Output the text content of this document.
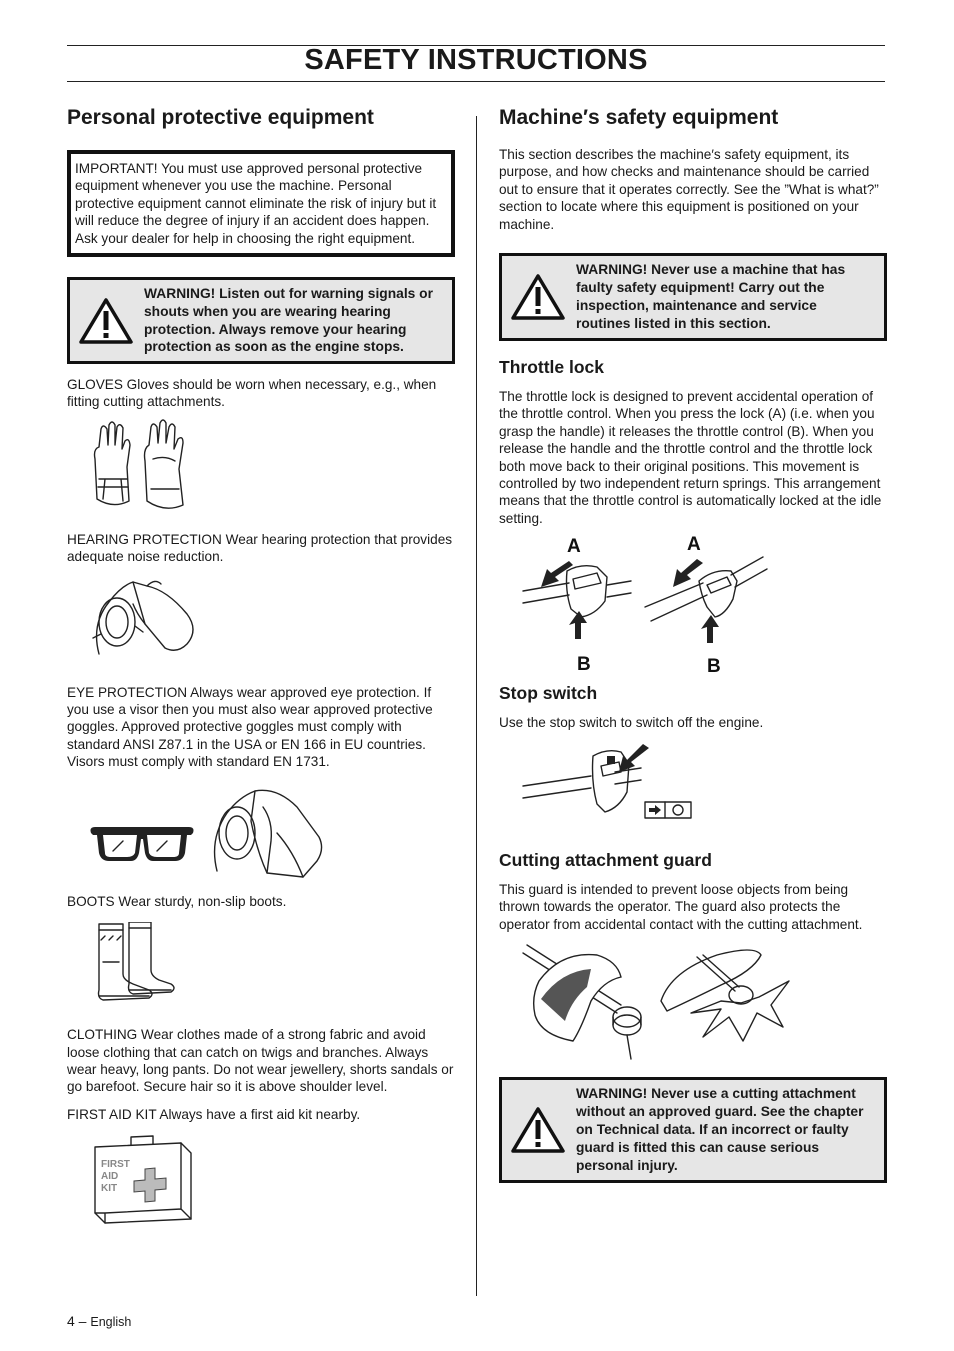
SAFETY INSTRUCTIONS
Personal protective equipment
IMPORTANT! You must use approved personal protective equipment whenever you use the machine. Personal protective equipment cannot eliminate the risk of injury but it will reduce the degree of injury if an accident does happen. Ask your dealer for help in choosing the right equipment.
WARNING! Listen out for warning signals or shouts when you are wearing hearing protection. Always remove your hearing protection as soon as the engine stops.

GLOVES Gloves should be worn when necessary, e.g., when fitting cutting attachments.

HEARING PROTECTION Wear hearing protection that provides adequate noise reduction.

EYE PROTECTION Always wear approved eye protection. If you use a visor then you must also wear approved protective goggles. Approved protective goggles must comply with standard ANSI Z87.1 in the USA or EN 166 in EU countries. Visors must comply with standard EN 1731.

BOOTS Wear sturdy, non-slip boots.

CLOTHING Wear clothes made of a strong fabric and avoid loose clothing that can catch on twigs and branches. Always wear heavy, long pants. Do not wear jewellery, shorts sandals or go barefoot. Secure hair so it is above shoulder level.

FIRST AID KIT Always have a first aid kit nearby.

FIRST
AID
KIT
Machine′s safety equipment

This section describes the machine′s safety equipment, its purpose, and how checks and maintenance should be carried out to ensure that it operates correctly. See the ”What is what?” section to locate where this equipment is positioned on your machine.

WARNING! Never use a machine that has faulty safety equipment! Carry out the inspection, maintenance and service routines listed in this section.
Throttle lock

The throttle lock is designed to prevent accidental operation of the throttle control. When you press the lock (A) (i.e. when you grasp the handle) it releases the throttle control (B). When you release the handle and the throttle control and the throttle lock both move back to their original positions. This movement is controlled by two independent return springs. This arrangement means that the throttle control is automatically locked at the idle setting.

A	A
B	B
Stop switch

Use the stop switch to switch off the engine.

Cutting attachment guard

This guard is intended to prevent loose objects from being thrown towards the operator. The guard also protects the operator from accidental contact with the cutting attachment.

WARNING! Never use a cutting attachment without an approved guard. See the chapter on Technical data. If an incorrect or faulty guard is fitted this can cause serious personal injury.
4 – English
